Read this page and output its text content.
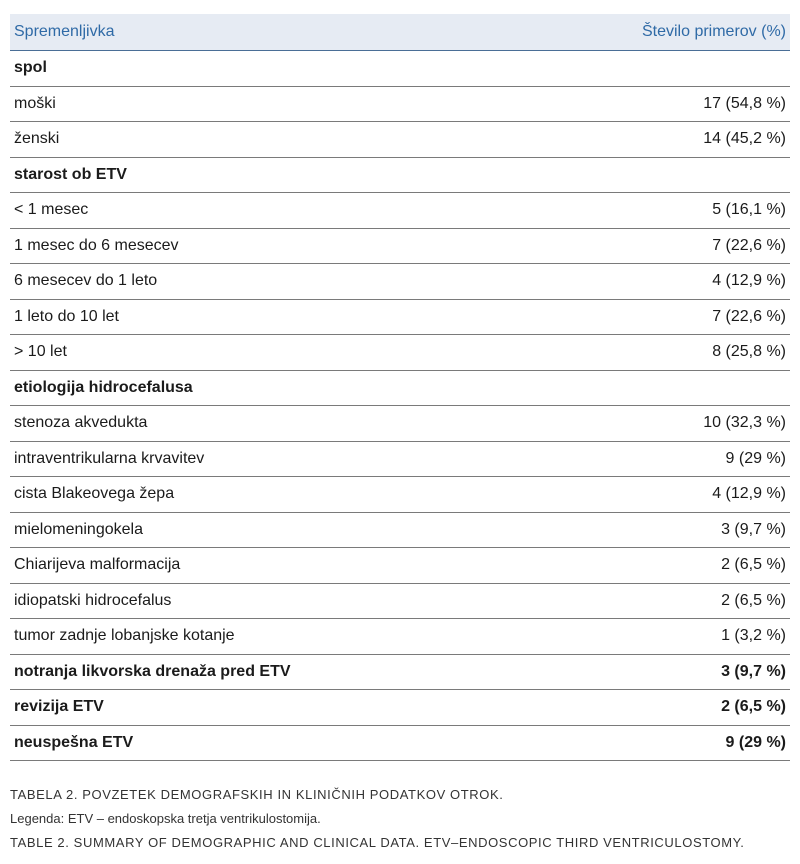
Spremenljivka	Število primerov (%)
spol	
moški	17 (54,8 %)
ženski	14 (45,2 %)
starost ob ETV	
< 1 mesec	5 (16,1 %)
1 mesec do 6 mesecev	7 (22,6 %)
6 mesecev do 1 leto	4 (12,9 %)
1 leto do 10 let	7 (22,6 %)
> 10 let	8 (25,8 %)
etiologija hidrocefalusa	
stenoza akvedukta	10 (32,3 %)
intraventrikularna krvavitev	9 (29 %)
cista Blakeovega žepa	4 (12,9 %)
mielomeningokela	3 (9,7 %)
Chiarijeva malformacija	2 (6,5 %)
idiopatski hidrocefalus	2 (6,5 %)
tumor zadnje lobanjske kotanje	1 (3,2 %)
notranja likvorska drenaža pred ETV	3 (9,7 %)
revizija ETV	2 (6,5 %)
neuspešna ETV	9 (29 %)
TABELA 2. POVZETEK DEMOGRAFSKIH IN KLINIČNIH PODATKOV OTROK.
Legenda: ETV – endoskopska tretja ventrikulostomija.
TABLE 2. SUMMARY OF DEMOGRAPHIC AND CLINICAL DATA. ETV–ENDOSCOPIC THIRD VENTRICULOSTOMY.
